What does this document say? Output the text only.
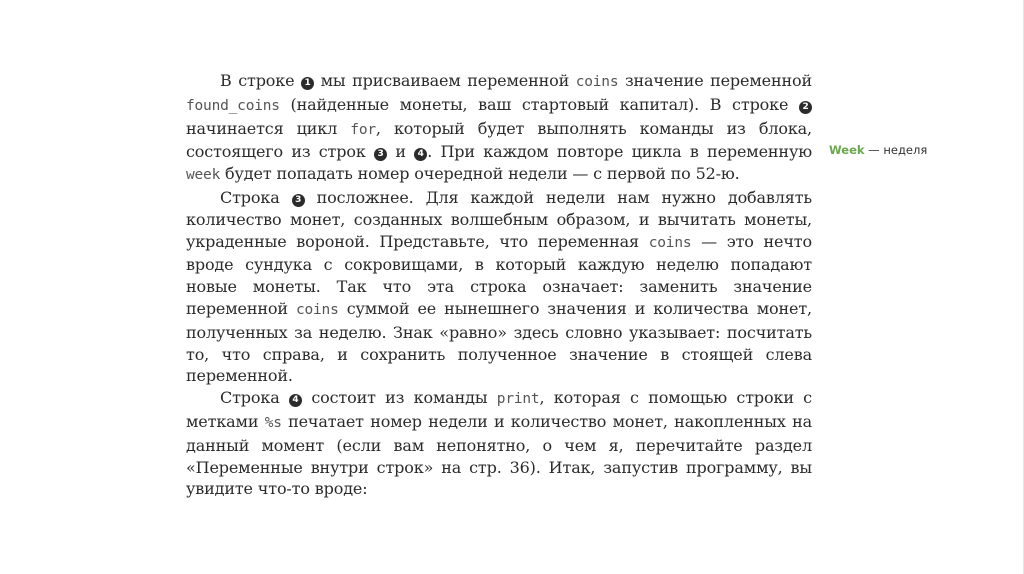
В строке 1 мы присваиваем переменной coins значение переменной found_coins (найденные монеты, ваш стартовый капитал). В строке 2 начинается цикл for, который будет выполнять команды из блока, состоящего из строк 3 и 4 . При каждом повторе цикла в переменную week будет попадать номер очередной недели — с первой по 52-ю.

Строка 3 посложнее. Для каждой недели нам нужно добавлять количество монет, созданных волшебным образом, и вычитать монеты, украденные вороной. Представьте, что переменная coins — это нечто вроде сундука с сокровищами, в который каждую неделю попадают новые монеты. Так что эта строка означает: заменить значение переменной coins суммой ее нынешнего значения и количества монет, полученных за неделю. Знак «равно» здесь словно указывает: посчитать то, что справа, и сохранить полученное значение в стоящей слева переменной.

Строка 4 состоит из команды print, которая с помощью строки с метками %s печатает номер недели и количество монет, накопленных на данный момент (если вам непонятно, о чем я, перечитайте раздел «Переменные внутри строк» на стр. 36). Итак, запустив программу, вы увидите что-то вроде:

Week — неделя
